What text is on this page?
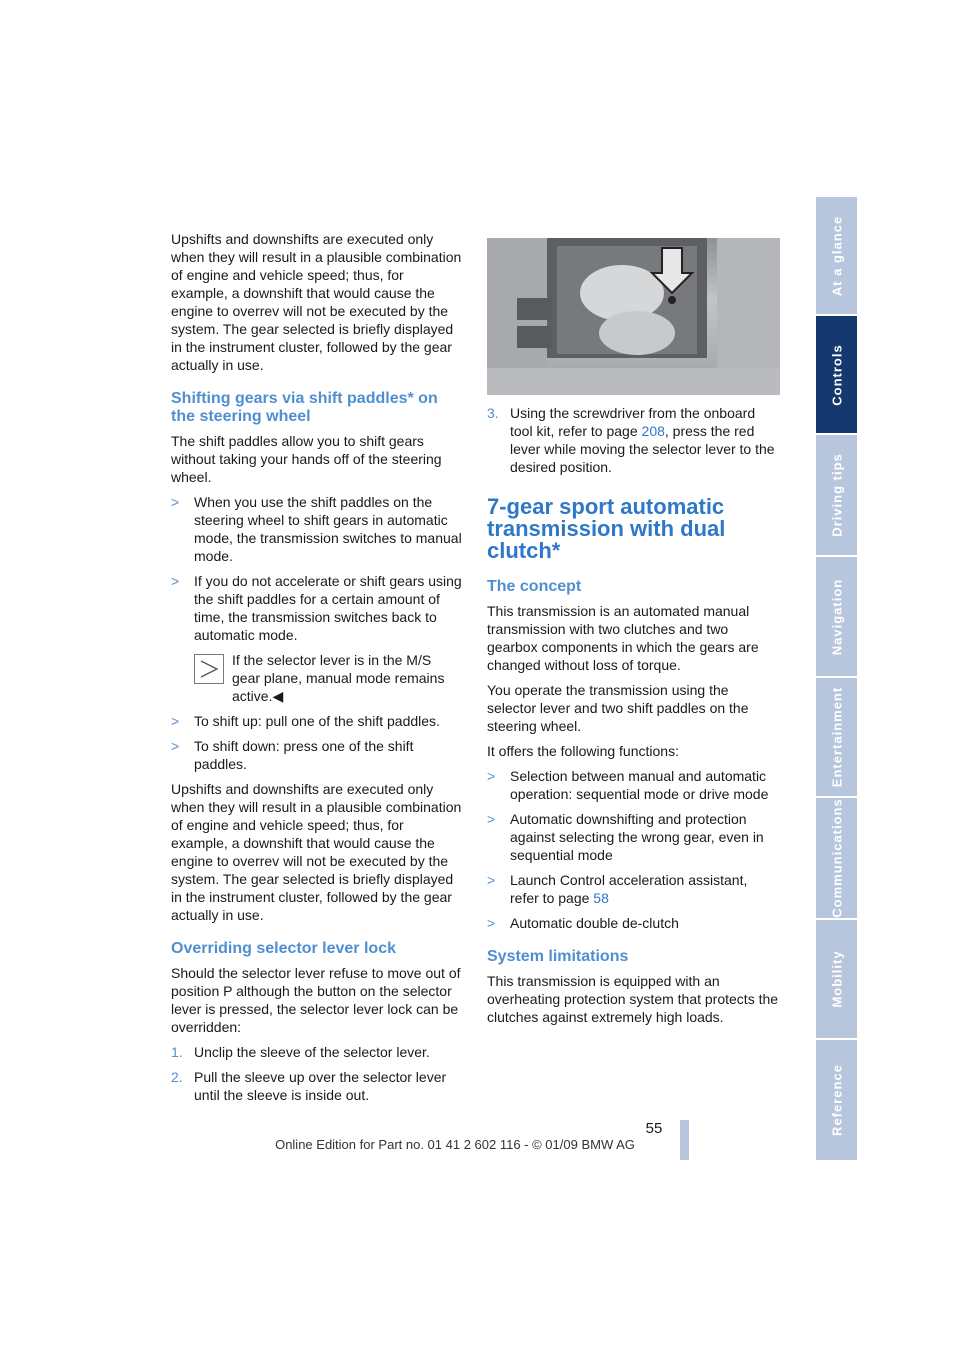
Upshifts and downshifts are executed only when they will result in a plausible combination of engine and vehicle speed; thus, for example, a downshift that would cause the engine to overrev will not be executed by the system. The gear selected is briefly displayed in the instrument cluster, followed by the gear actually in use.

Shifting gears via shift paddles* on the steering wheel

The shift paddles allow you to shift gears without taking your hands off of the steering wheel.

> When you use the shift paddles on the steering wheel to shift gears in automatic mode, the transmission switches to manual mode.
> If you do not accelerate or shift gears using the shift paddles for a certain amount of time, the transmission switches back to automatic mode.
If the selector lever is in the M/S gear plane, manual mode remains active.◀
> To shift up: pull one of the shift paddles.
> To shift down: press one of the shift paddles.

Upshifts and downshifts are executed only when they will result in a plausible combination of engine and vehicle speed; thus, for example, a downshift that would cause the engine to overrev will not be executed by the system. The gear selected is briefly displayed in the instrument cluster, followed by the gear actually in use.

Overriding selector lever lock

Should the selector lever refuse to move out of position P although the button on the selector lever is pressed, the selector lever lock can be overridden:

1. Unclip the sleeve of the selector lever.
2. Pull the sleeve up over the selector lever until the sleeve is inside out.
3. Using the screwdriver from the onboard tool kit, refer to page 208, press the red lever while moving the selector lever to the desired position.
7-gear sport automatic transmission with dual clutch*
The concept

This transmission is an automated manual transmission with two clutches and two gearbox components in which the gears are changed without loss of torque.

You operate the transmission using the selector lever and two shift paddles on the steering wheel.

It offers the following functions:

> Selection between manual and automatic operation: sequential mode or drive mode
> Automatic downshifting and protection against selecting the wrong gear, even in sequential mode
> Launch Control acceleration assistant, refer to page 58
> Automatic double de-clutch
System limitations

This transmission is equipped with an overheating protection system that protects the clutches against extremely high loads.

At a glance
Controls
Driving tips
Navigation
Entertainment
Communications
Mobility
Reference
55
Online Edition for Part no. 01 41 2 602 116 - © 01/09 BMW AG
